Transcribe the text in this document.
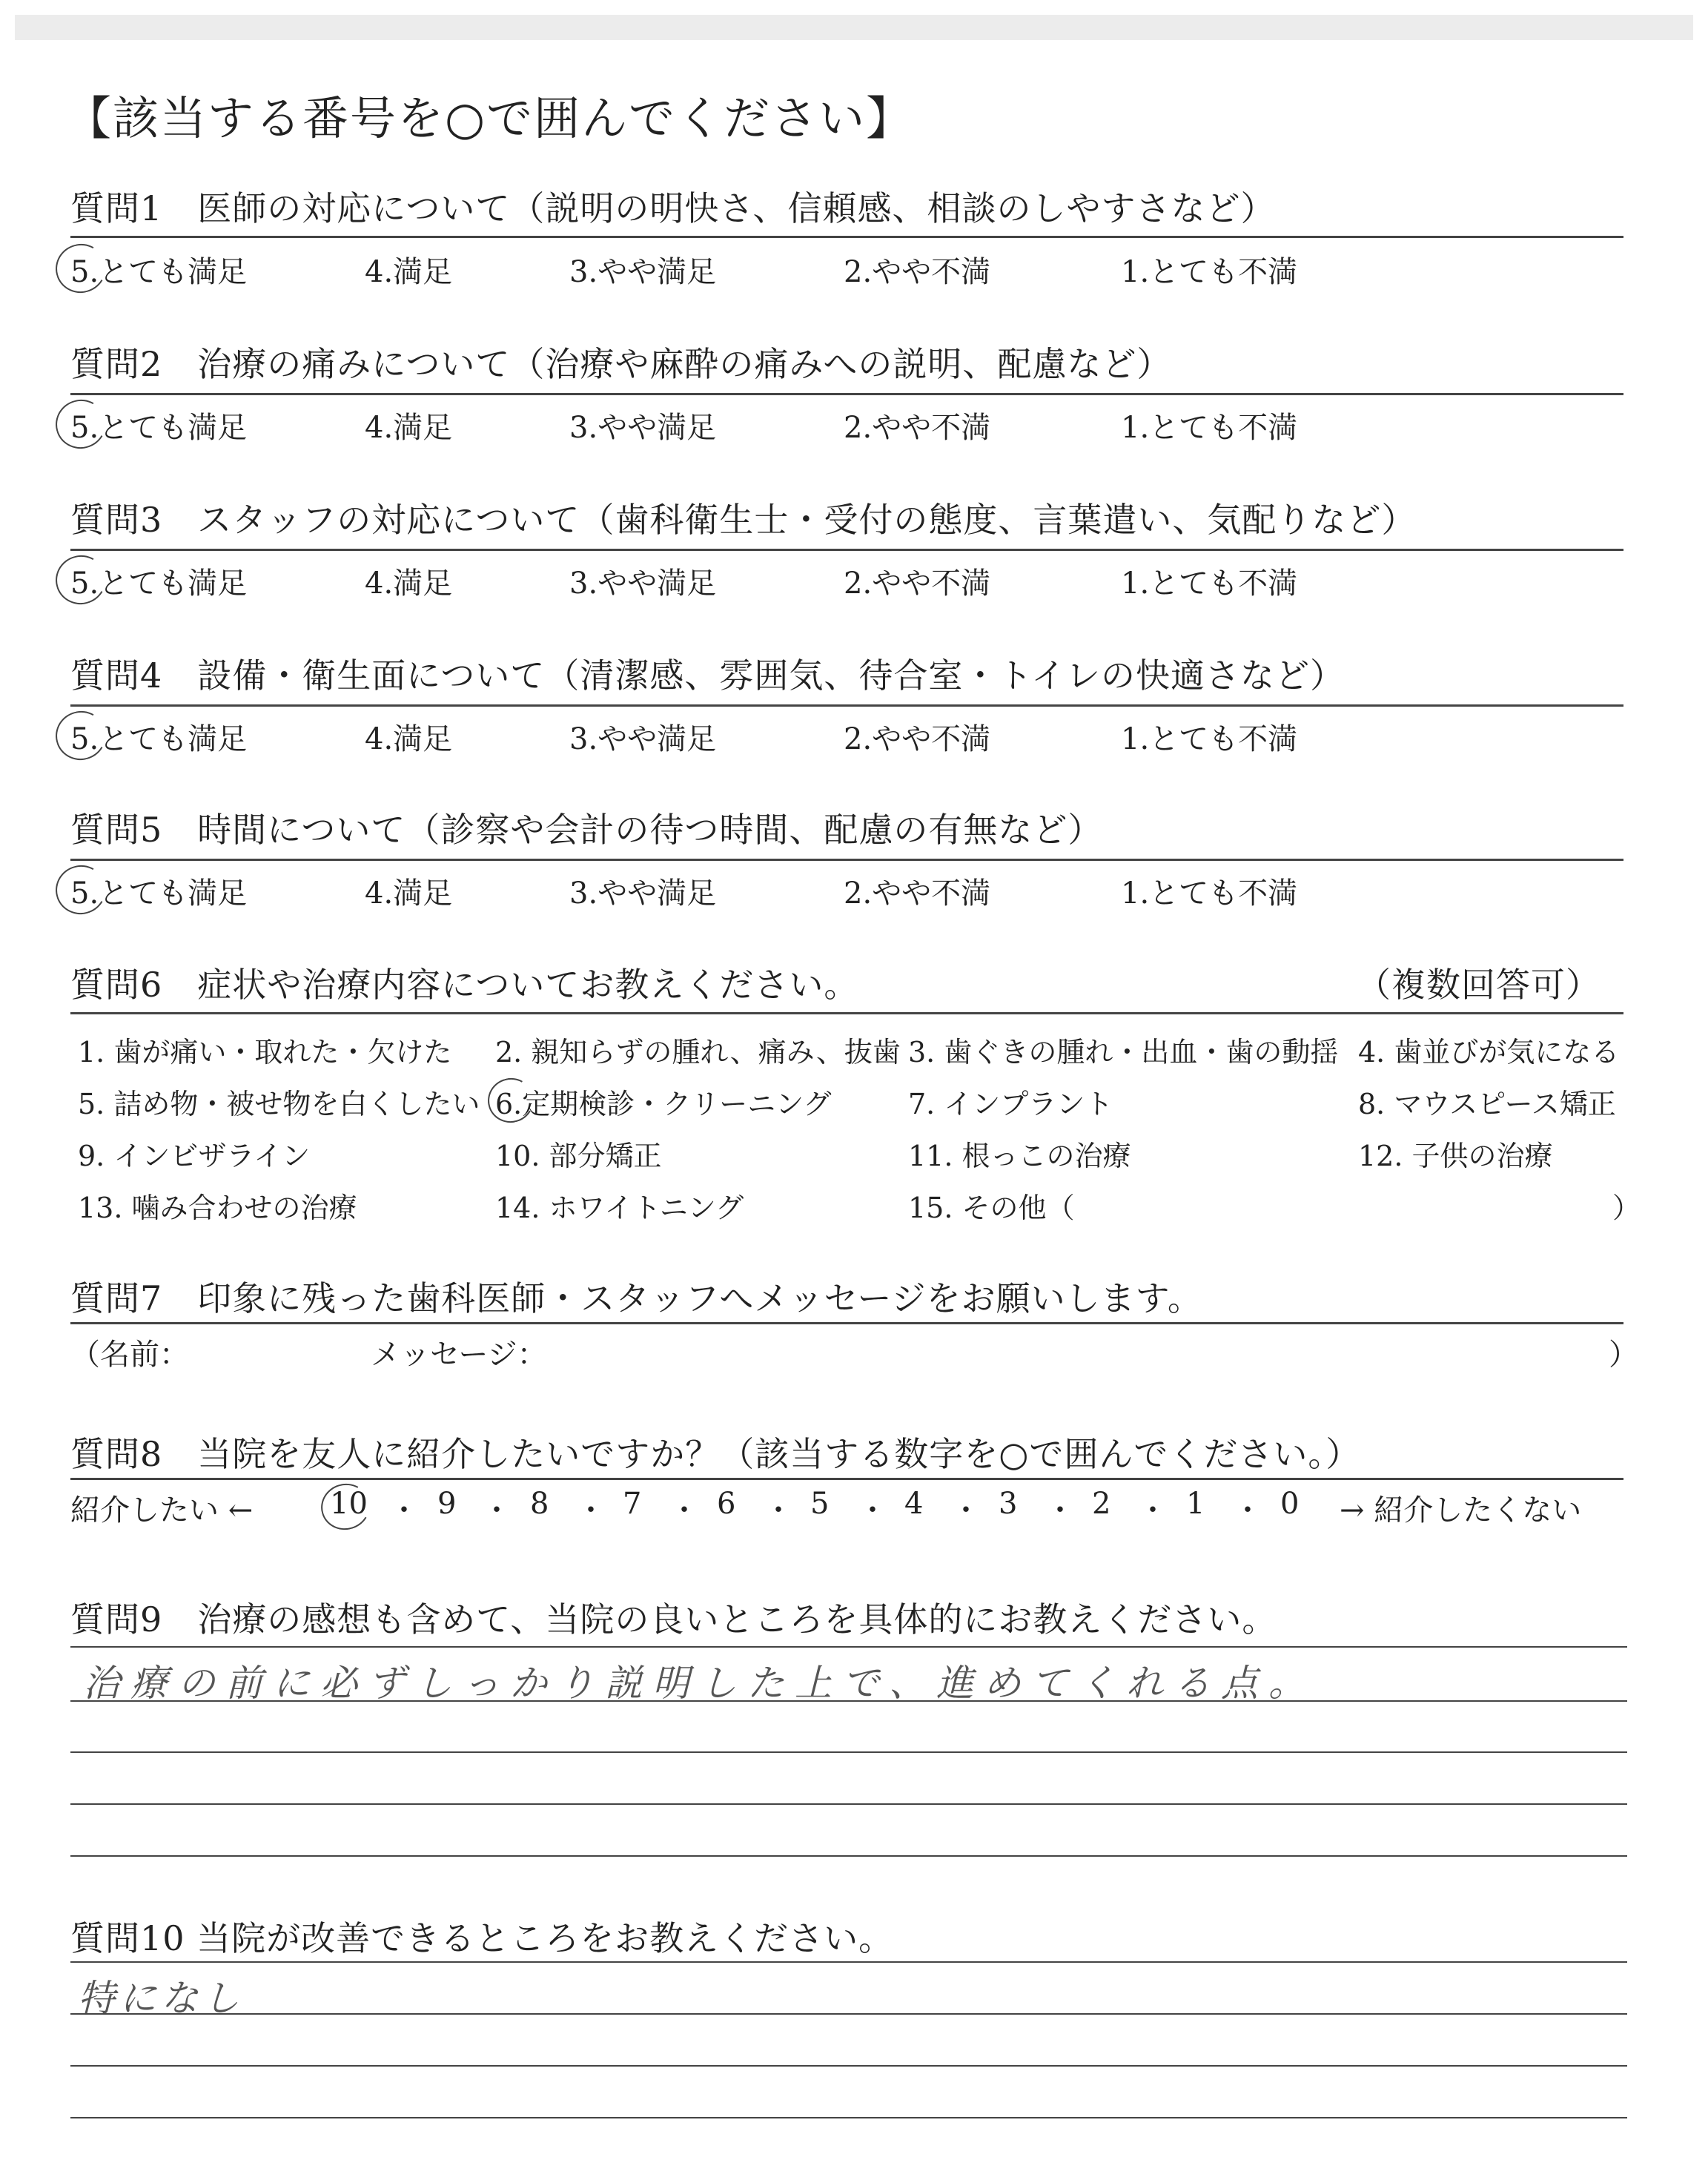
【該当する番号を○で囲んでください】
質問1　医師の対応について（説明の明快さ、信頼感、相談のしやすさなど）
5.とても満足	4.満足	3.やや満足	2.やや不満	1.とても不満
質問2　治療の痛みについて（治療や麻酔の痛みへの説明、配慮など）
5.とても満足	4.満足	3.やや満足	2.やや不満	1.とても不満
質問3　スタッフの対応について（歯科衛生士・受付の態度、言葉遣い、気配りなど）
5.とても満足	4.満足	3.やや満足	2.やや不満	1.とても不満
質問4　設備・衛生面について（清潔感、雰囲気、待合室・トイレの快適さなど）
5.とても満足	4.満足	3.やや満足	2.やや不満	1.とても不満
質問5　時間について（診察や会計の待つ時間、配慮の有無など）
5.とても満足	4.満足	3.やや満足	2.やや不満	1.とても不満
質問6　症状や治療内容についてお教えください。	（複数回答可）
1. 歯が痛い・取れた・欠けた 2. 親知らずの腫れ、痛み、抜歯 3. 歯ぐきの腫れ・出血・歯の動揺 4. 歯並びが気になる
5. 詰め物・被せ物を白くしたい 6.定期検診・クリーニング	7. インプラント	8. マウスピース矯正
9. インビザライン	10. 部分矯正	11. 根っこの治療	12. 子供の治療
13. 噛み合わせの治療	14. ホワイトニング	15. その他（	）
質問7　印象に残った歯科医師・スタッフへメッセージをお願いします。
（名前：	メッセージ：	）
質問8　当院を友人に紹介したいですか？（該当する数字を○で囲んでください。）
紹介したい ←	10 ・ 9 ・ 8 ・ 7 ・ 6 ・ 5 ・ 4 ・ 3 ・ 2 ・ 1 ・ 0 → 紹介したくない
質問9　治療の感想も含めて、当院の良いところを具体的にお教えください。
治療の前に必ずしっかり説明した上で、進めてくれる点。
質問10 当院が改善できるところをお教えください。
特になし
